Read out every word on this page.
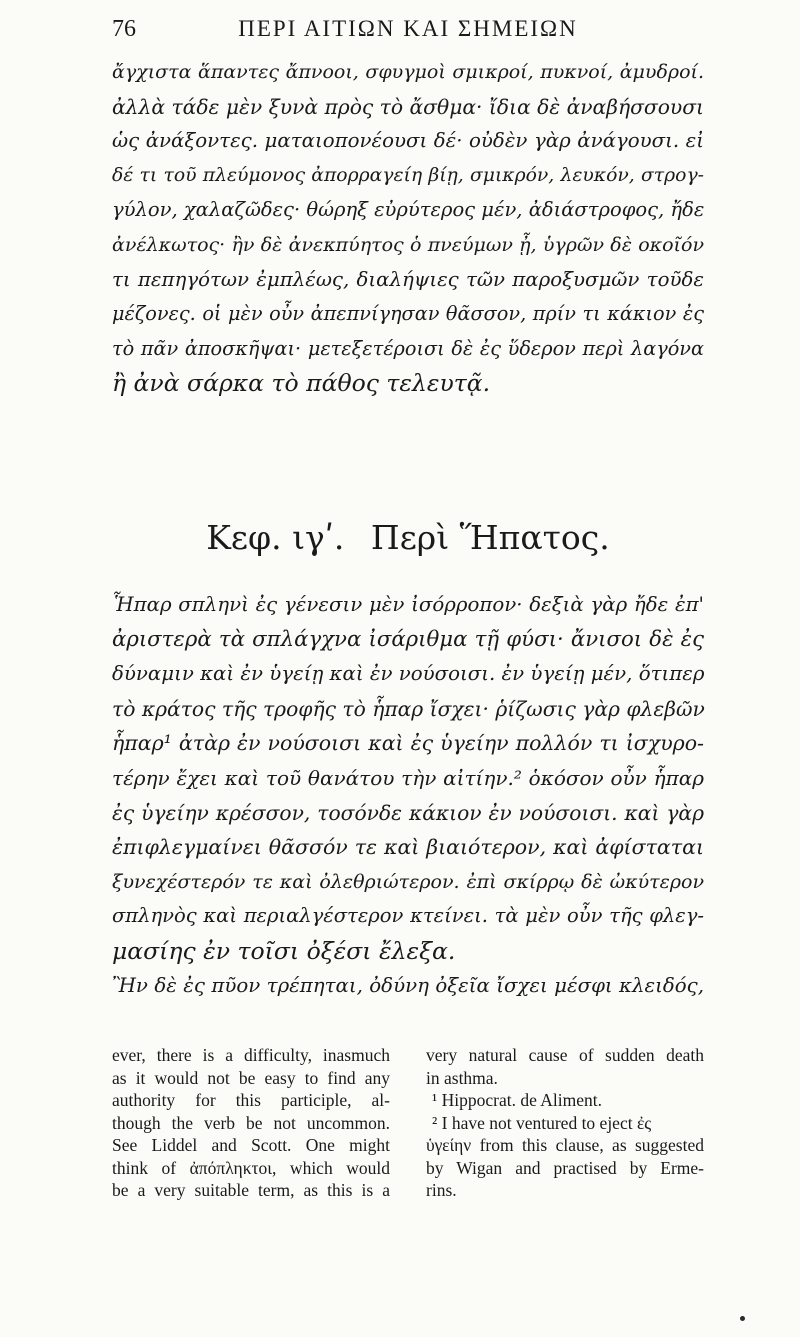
76	ΠΕΡΙ ΑΙΤΙΩΝ ΚΑΙ ΣΗΜΕΙΩΝ
ἄγχιστα ἅπαντες ἄπνοοι, σφυγμοὶ σμικροί, πυκνοί, ἀμυδροί.
ἀλλὰ τάδε μὲν ξυνὰ πρὸς τὸ ἄσθμα· ἴδια δὲ ἀναβήσσουσι
ὡς ἀνάξοντες. ματαιοπονέουσι δέ· οὐδὲν γὰρ ἀνάγουσι. εἰ
δέ τι τοῦ πλεύμονος ἀπορραγείη βίῃ, σμικρόν, λευκόν, στρογ-
γύλον, χαλαζῶδες· θώρηξ εὐρύτερος μέν, ἀδιάστροφος, ἤδε
ἀνέλκωτος· ἢν δὲ ἀνεκπύητος ὁ πνεύμων ᾖ, ὑγρῶν δὲ οκοῖόν
τι πεπηγότων ἐμπλέως, διαλήψιες τῶν παροξυσμῶν τοῦδε
μέζονες. οἱ μὲν οὖν ἀπεπνίγησαν θᾶσσον, πρίν τι κάκιον ἐς
τὸ πᾶν ἀποσκῆψαι· μετεξετέροισι δὲ ἐς ὕδερον περὶ λαγόνα
ἢ ἀνὰ σάρκα τὸ πάθος τελευτᾷ.
Κεφ. ιγʹ. Περὶ Ἥπατος.
Ἧπαρ σπληνὶ ἐς γένεσιν μὲν ἰσόρροπον· δεξιὰ γὰρ ἤδε ἐπ'
ἀριστερὰ τὰ σπλάγχνα ἰσάριθμα τῇ φύσι· ἄνισοι δὲ ἐς
δύναμιν καὶ ἐν ὑγείῃ καὶ ἐν νούσοισι. ἐν ὑγείῃ μέν, ὅτιπερ
τὸ κράτος τῆς τροφῆς τὸ ἧπαρ ἴσχει· ῥίζωσις γὰρ φλεβῶν
ἧπαρ¹ ἀτὰρ ἐν νούσοισι καὶ ἐς ὑγείην πολλόν τι ἰσχυρο-
τέρην ἔχει καὶ τοῦ θανάτου τὴν αἰτίην.² ὁκόσον οὖν ἧπαρ
ἐς ὑγείην κρέσσον, τοσόνδε κάκιον ἐν νούσοισι. καὶ γὰρ
ἐπιφλεγμαίνει θᾶσσόν τε καὶ βιαιότερον, καὶ ἀφίσταται
ξυνεχέστερόν τε καὶ ὀλεθριώτερον. ἐπὶ σκίρρῳ δὲ ὠκύτερον
σπληνὸς καὶ περιαλγέστερον κτείνει. τὰ μὲν οὖν τῆς φλεγ-
μασίης ἐν τοῖσι ὀξέσι ἔλεξα.
Ἢν δὲ ἐς πῦον τρέπηται, ὀδύνη ὀξεῖα ἴσχει μέσφι κλειδός,
ever, there is a difficulty, inasmuch
as it would not be easy to find any
authority for this participle, al-
though the verb be not uncommon.
See Liddel and Scott. One might
think of ἀπόπληκτοι, which would
be a very suitable term, as this is a
very natural cause of sudden death
in asthma.
¹ Hippocrat. de Aliment.
² I have not ventured to eject ἐς
ὑγείην from this clause, as suggested
by Wigan and practised by Erme-
rins.
